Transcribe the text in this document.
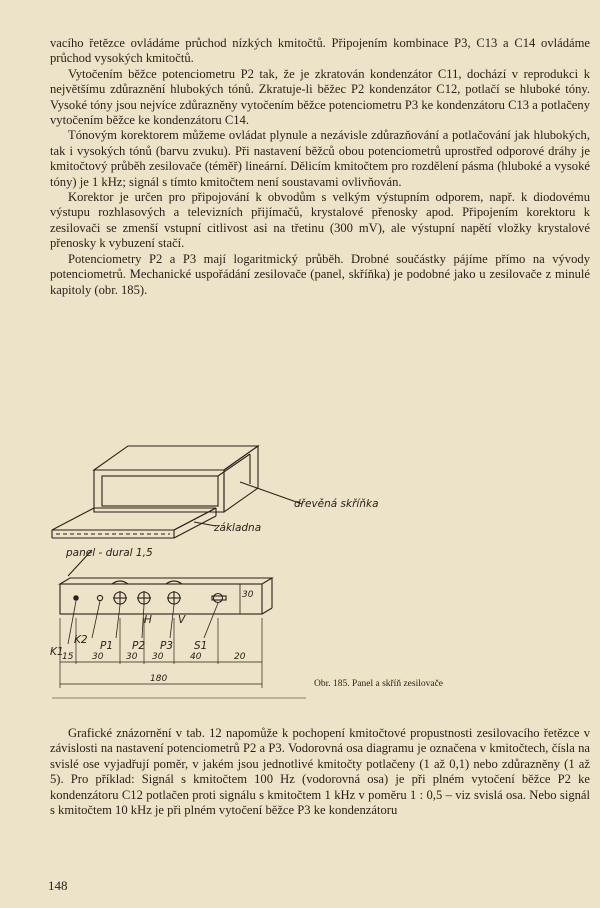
vacího řetězce ovládáme průchod nízkých kmitočtů. Připojením kombinace P3, C13 a C14 ovládáme průchod vysokých kmitočtů.

Vytočením běžce potenciometru P2 tak, že je zkratován kondenzátor C11, dochází v reprodukci k největšímu zdůraznění hlubokých tónů. Zkratuje-li běžec P2 kondenzátor C12, potlačí se hluboké tóny. Vysoké tóny jsou nejvíce zdůrazněny vytočením běžce potenciometru P3 ke kondenzátoru C13 a potlačeny vytočením běžce ke kondenzátoru C14.

Tónovým korektorem můžeme ovládat plynule a nezávisle zdůrazňování a potlačování jak hlubokých, tak i vysokých tónů (barvu zvuku). Při nastavení běžců obou potenciometrů uprostřed odporové dráhy je kmitočtový průběh zesilovače (téměř) lineární. Dělicím kmitočtem pro rozdělení pásma (hluboké a vysoké tóny) je 1 kHz; signál s tímto kmitočtem není soustavami ovlivňován.

Korektor je určen pro připojování k obvodům s velkým výstupním odporem, např. k diodovému výstupu rozhlasových a televizních přijímačů, krystalové přenosky apod. Připojením korektoru k zesilovači se zmenší vstupní citlivost asi na třetinu (300 mV), ale výstupní napětí vložky krystalové přenosky k vybuzení stačí.

Potenciometry P2 a P3 mají logaritmický průběh. Drobné součástky pájíme přímo na vývody potenciometrů. Mechanické uspořádání zesilovače (panel, skříňka) je podobné jako u zesilovače z minulé kapitoly (obr. 185).

dřevěná skříňka
základna
panel - dural 1,5
30
H V
K1
K2 P1 P2 P3 S1
15 30	30 30	40	20
180	Obr. 185. Panel a skříň zesilovače

Grafické znázornění v tab. 12 napomůže k pochopení kmitočtové propustnosti zesilovacího řetězce v závislosti na nastavení potenciometrů P2 a P3. Vodorovná osa diagramu je označena v kmitočtech, čísla na svislé ose vyjadřují poměr, v jakém jsou jednotlivé kmitočty potlačeny (1 až 0,1) nebo zdůrazněny (1 až 5). Pro příklad: Signál s kmitočtem 100 Hz (vodorovná osa) je při plném vytočení běžce P2 ke kondenzátoru C12 potlačen proti signálu s kmitočtem 1 kHz v poměru 1 : 0,5 – viz svislá osa. Nebo signál s kmitočtem 10 kHz je při plném vytočení běžce P3 ke kondenzátoru

148
